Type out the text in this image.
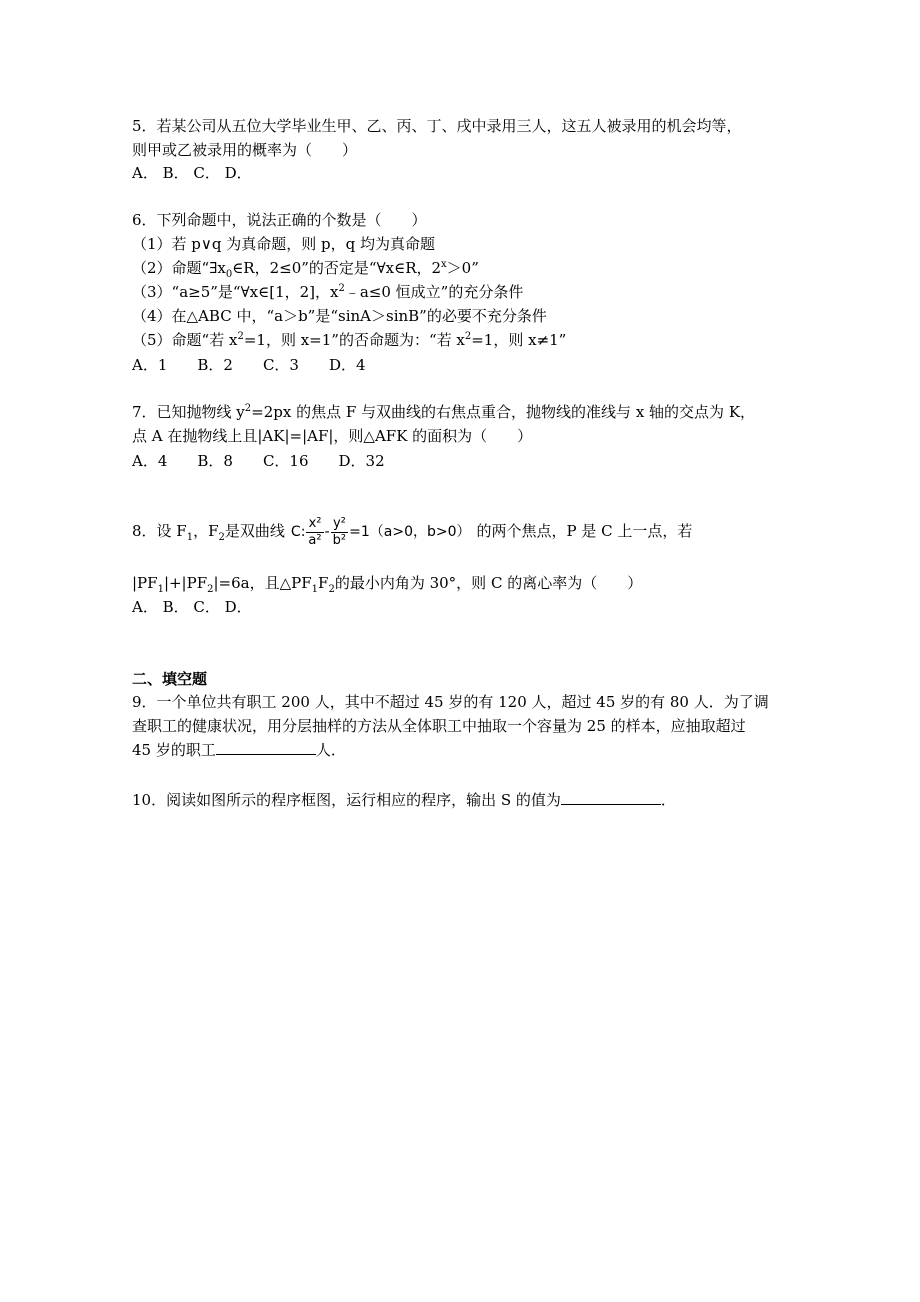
5．若某公司从五位大学毕业生甲、乙、丙、丁、戌中录用三人，这五人被录用的机会均等，
则甲或乙被录用的概率为（　　）
A． B． C． D．
6．下列命题中，说法正确的个数是（　　）
（1）若 p∨q 为真命题，则 p，q 均为真命题
（2）命题“$\exists x_0\in R$，2≤0”的否定是“∀x∈R，$2^x>0$”
（3）“a≥5”是“∀x∈[1，2]，$x^2﹣a\le 0$ 恒成立”的充分条件
（4）在△ABC 中，“a＞b”是“sinA＞sinB”的必要不充分条件
（5）命题“若 $x^2=1$，则 x=1”的否命题为：“若 $x^2=1$，则 x≠1”
A．1　　B．2　　C．3　　D．4
7．已知抛物线 $y^2=2px$ 的焦点 F 与双曲线的右焦点重合，抛物线的准线与 x 轴的交点为 K，
点 A 在抛物线上且|AK|=|AF|，则△AFK 的面积为（　　）
A．4　　B．8　　C．16　　D．32
8．设 $F_1$，$F_2$是双曲线 C: $\frac{\text{x²}}{\text{a²}} - \frac{\text{y²}}{\text{b²}} =1(a>0$，b>0） 的两个焦点，P 是 C 上一点，若
$|PF_1|+|PF_2|=6a$，且$\triangle PF_1F_2$的最小内角为 30°，则 C 的离心率为（　　）
A． B． C． D．
二、填空题
9．一个单位共有职工 200 人，其中不超过 45 岁的有 120 人，超过 45 岁的有 80 人．为了调
查职工的健康状况，用分层抽样的方法从全体职工中抽取一个容量为 25 的样本，应抽取超过
45 岁的职工	人．
10．阅读如图所示的程序框图，运行相应的程序，输出 S 的值为	．
